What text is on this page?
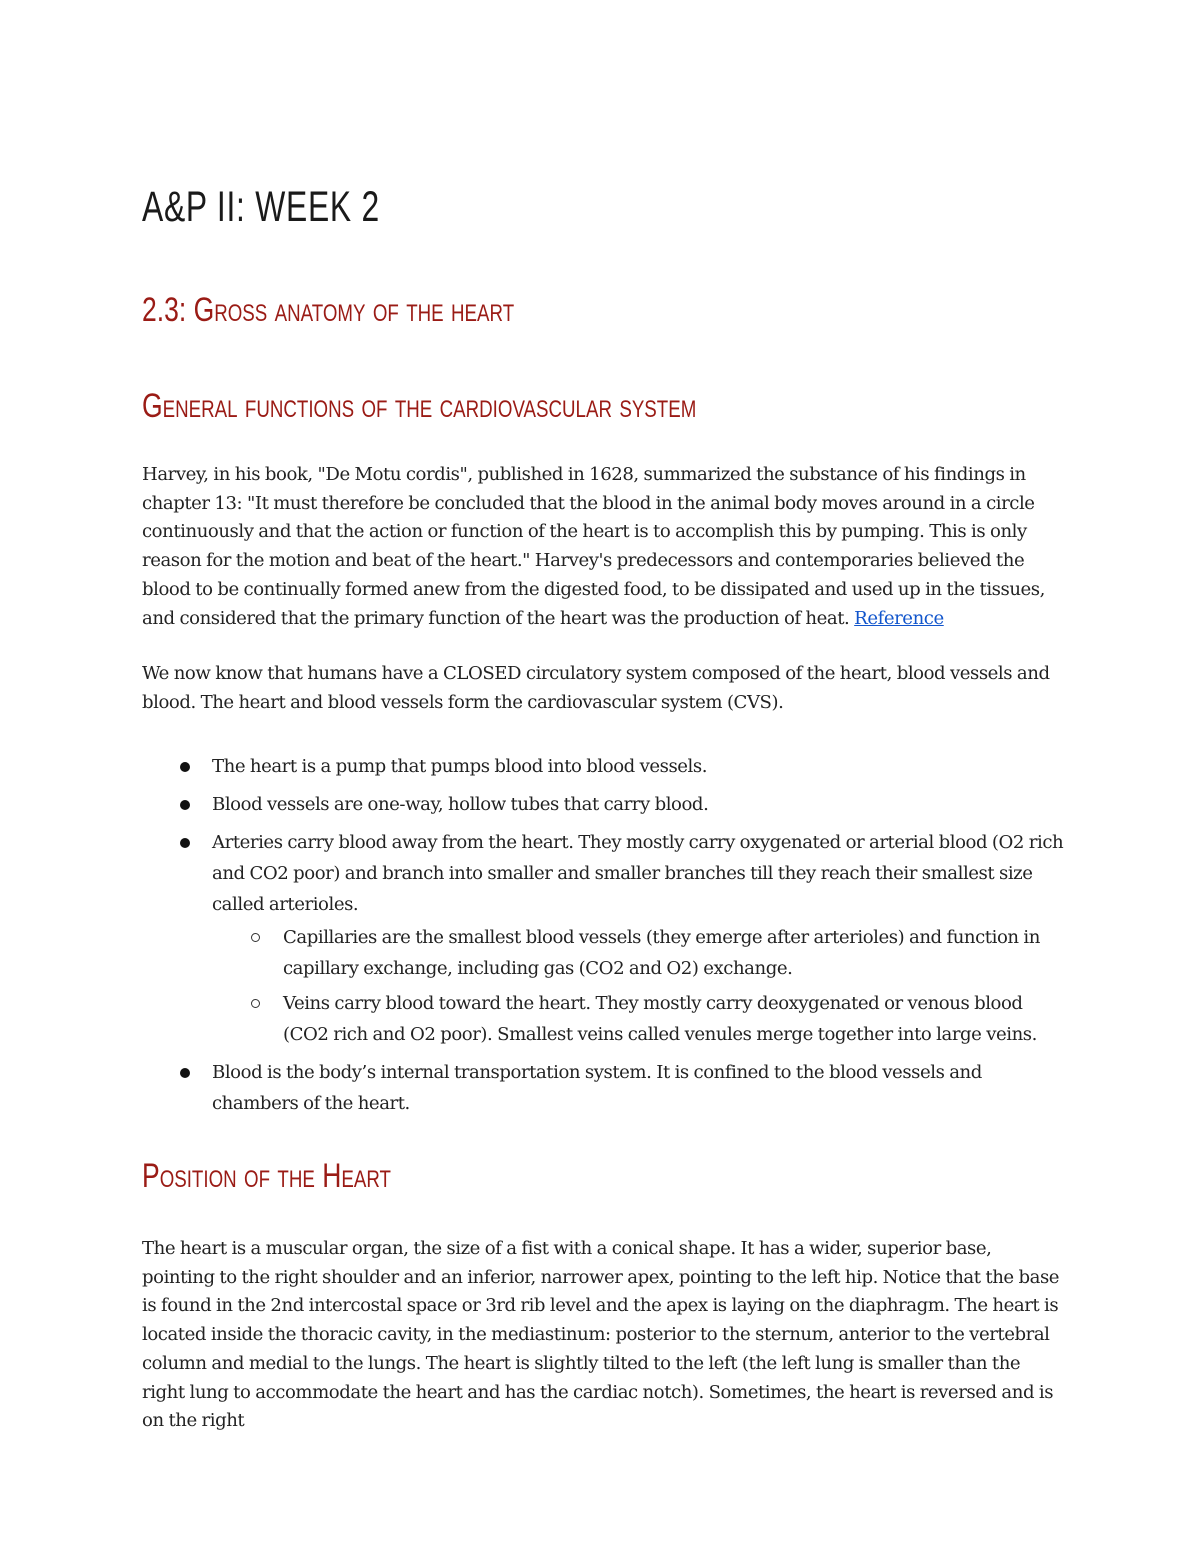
A&P II: WEEK 2
2.3: Gross anatomy of the heart
General functions of the cardiovascular system

Harvey, in his book, "De Motu cordis", published in 1628, summarized the substance of his findings in chapter 13: "It must therefore be concluded that the blood in the animal body moves around in a circle continuously and that the action or function of the heart is to accomplish this by pumping. This is only reason for the motion and beat of the heart." Harvey's predecessors and contemporaries believed the blood to be continually formed anew from the digested food, to be dissipated and used up in the tissues, and considered that the primary function of the heart was the production of heat. Reference

We now know that humans have a CLOSED circulatory system composed of the heart, blood vessels and blood. The heart and blood vessels form the cardiovascular system (CVS).

The heart is a pump that pumps blood into blood vessels.
Blood vessels are one-way, hollow tubes that carry blood.
Arteries carry blood away from the heart. They mostly carry oxygenated or arterial blood (O2 rich and CO2 poor) and branch into smaller and smaller branches till they reach their smallest size called arterioles.
Capillaries are the smallest blood vessels (they emerge after arterioles) and function in capillary exchange, including gas (CO2 and O2) exchange.
Veins carry blood toward the heart. They mostly carry deoxygenated or venous blood (CO2 rich and O2 poor). Smallest veins called venules merge together into large veins.
Blood is the body’s internal transportation system. It is confined to the blood vessels and chambers of the heart.
Position of the Heart

The heart is a muscular organ, the size of a fist with a conical shape. It has a wider, superior base, pointing to the right shoulder and an inferior, narrower apex, pointing to the left hip. Notice that the base is found in the 2nd intercostal space or 3rd rib level and the apex is laying on the diaphragm. The heart is located inside the thoracic cavity, in the mediastinum: posterior to the sternum, anterior to the vertebral column and medial to the lungs. The heart is slightly tilted to the left (the left lung is smaller than the right lung to accommodate the heart and has the cardiac notch). Sometimes, the heart is reversed and is on the right
